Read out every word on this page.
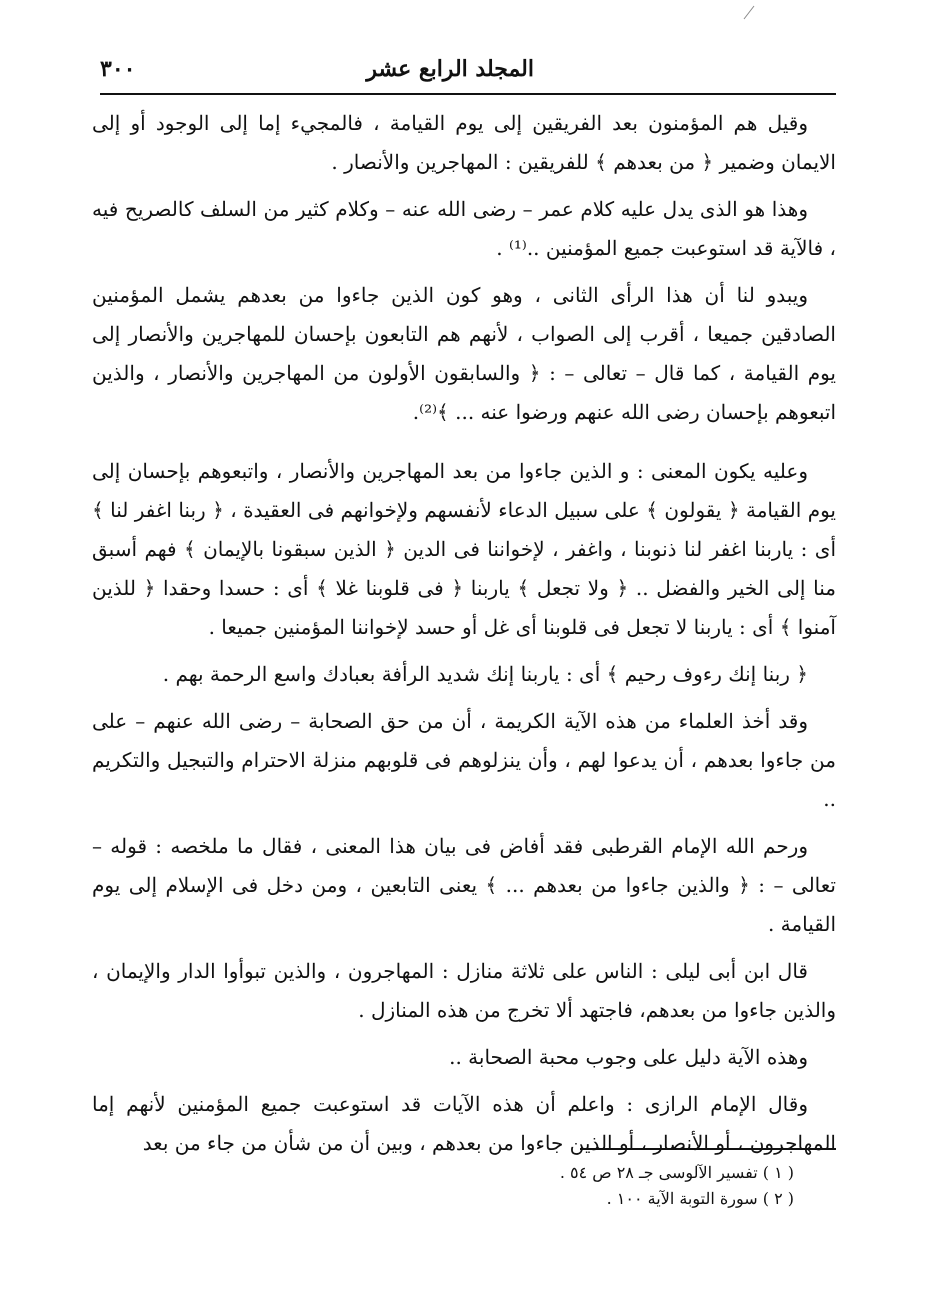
المجلد الرابع عشر
٣٠٠

وقيل هم المؤمنون بعد الفريقين إلى يوم القيامة ، فالمجيء إما إلى الوجود أو إلى الايمان وضمير ﴿ من بعدهم ﴾ للفريقين : المهاجرين والأنصار .

وهذا هو الذى يدل عليه كلام عمر – رضى الله عنه – وكلام كثير من السلف كالصريح فيه ، فالآية قد استوعبت جميع المؤمنين ..⁽¹⁾ .

ويبدو لنا أن هذا الرأى الثانى ، وهو كون الذين جاءوا من بعدهم يشمل المؤمنين الصادقين جميعا ، أقرب إلى الصواب ، لأنهم هم التابعون بإحسان للمهاجرين والأنصار إلى يوم القيامة ، كما قال – تعالى – : ﴿ والسابقون الأولون من المهاجرين والأنصار ، والذين اتبعوهم بإحسان رضى الله عنهم ورضوا عنه ... ﴾⁽²⁾.

وعليه يكون المعنى : و الذين جاءوا من بعد المهاجرين والأنصار ، واتبعوهم بإحسان إلى يوم القيامة ﴿ يقولون ﴾ على سبيل الدعاء لأنفسهم ولإخوانهم فى العقيدة ، ﴿ ربنا اغفر لنا ﴾ أى : ياربنا اغفر لنا ذنوبنا ، واغفر ، لإخواننا فى الدين ﴿ الذين سبقونا بالإيمان ﴾ فهم أسبق منا إلى الخير والفضل .. ﴿ ولا تجعل ﴾ ياربنا ﴿ فى قلوبنا غلا ﴾ أى : حسدا وحقدا ﴿ للذين آمنوا ﴾ أى : ياربنا لا تجعل فى قلوبنا أى غل أو حسد لإخواننا المؤمنين جميعا .

﴿ ربنا إنك رءوف رحيم ﴾ أى : ياربنا إنك شديد الرأفة بعبادك واسع الرحمة بهم .

وقد أخذ العلماء من هذه الآية الكريمة ، أن من حق الصحابة – رضى الله عنهم – على من جاءوا بعدهم ، أن يدعوا لهم ، وأن ينزلوهم فى قلوبهم منزلة الاحترام والتبجيل والتكريم ..

ورحم الله الإمام القرطبى فقد أفاض فى بيان هذا المعنى ، فقال ما ملخصه : قوله – تعالى – : ﴿ والذين جاءوا من بعدهم ... ﴾ يعنى التابعين ، ومن دخل فى الإسلام إلى يوم القيامة .

قال ابن أبى ليلى : الناس على ثلاثة منازل : المهاجرون ، والذين تبوأوا الدار والإيمان ، والذين جاءوا من بعدهم، فاجتهد ألا تخرج من هذه المنازل .

وهذه الآية دليل على وجوب محبة الصحابة ..

وقال الإمام الرازى : واعلم أن هذه الآيات قد استوعبت جميع المؤمنين لأنهم إما المهاجرون ، أو الأنصار ، أو الذين جاءوا من بعدهم ، وبين أن من شأن من جاء من بعد

( ١ ) تفسير الآلوسى جـ ٢٨ ص ٥٤ .
( ٢ ) سورة التوبة الآية ١٠٠ .
